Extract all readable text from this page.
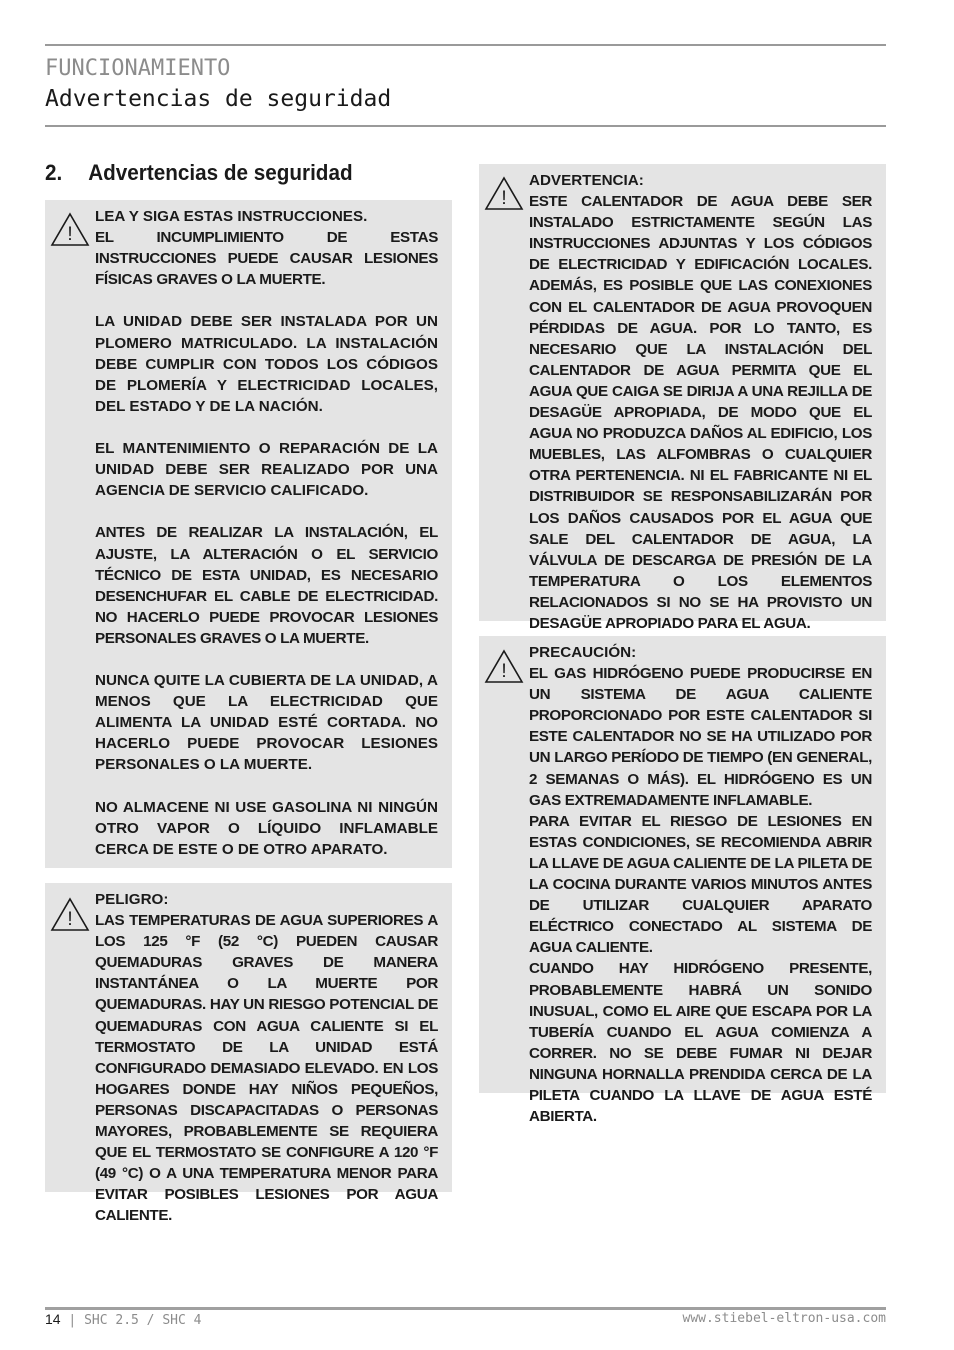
FUNCIONAMIENTO
Advertencias de seguridad
2. Advertencias de seguridad
!

LEA Y SIGA ESTAS INSTRUCCIONES.
EL INCUMPLIMIENTO DE ESTAS INSTRUCCIONES PUEDE CAUSAR LESIONES FÍSICAS GRAVES O LA MUERTE.

LA UNIDAD DEBE SER INSTALADA POR UN PLOMERO MATRICULADO. LA INSTALACIÓN DEBE CUMPLIR CON TODOS LOS CÓDIGOS DE PLOMERÍA Y ELECTRICIDAD LOCALES, DEL ESTADO Y DE LA NACIÓN.

EL MANTENIMIENTO O REPARACIÓN DE LA UNIDAD DEBE SER REALIZADO POR UNA AGENCIA DE SERVICIO CALIFICADO.

ANTES DE REALIZAR LA INSTALACIÓN, EL AJUSTE, LA ALTERACIÓN O EL SERVICIO TÉCNICO DE ESTA UNIDAD, ES NECESARIO DESENCHUFAR EL CABLE DE ELECTRICIDAD. NO HACERLO PUEDE PROVOCAR LESIONES PERSONALES GRAVES O LA MUERTE.

NUNCA QUITE LA CUBIERTA DE LA UNIDAD, A MENOS QUE LA ELECTRICIDAD QUE ALIMENTA LA UNIDAD ESTÉ CORTADA. NO HACERLO PUEDE PROVOCAR LESIONES PERSONALES O LA MUERTE.

NO ALMACENE NI USE GASOLINA NI NINGÚN OTRO VAPOR O LÍQUIDO INFLAMABLE CERCA DE ESTE O DE OTRO APARATO.

!

PELIGRO:

LAS TEMPERATURAS DE AGUA SUPERIORES A LOS 125 °F (52 °C) PUEDEN CAUSAR QUEMADURAS GRAVES DE MANERA INSTANTÁNEA O LA MUERTE POR QUEMADURAS. HAY UN RIESGO POTENCIAL DE QUEMADURAS CON AGUA CALIENTE SI EL TERMOSTATO DE LA UNIDAD ESTÁ CONFIGURADO DEMASIADO ELEVADO. EN LOS HOGARES DONDE HAY NIÑOS PEQUEÑOS, PERSONAS DISCAPACITADAS O PERSONAS MAYORES, PROBABLEMENTE SE REQUIERA QUE EL TERMOSTATO SE CONFIGURE A 120 °F (49 °C) O A UNA TEMPERATURA MENOR PARA EVITAR POSIBLES LESIONES POR AGUA CALIENTE.

!

ADVERTENCIA:

ESTE CALENTADOR DE AGUA DEBE SER INSTALADO ESTRICTAMENTE SEGÚN LAS INSTRUCCIONES ADJUNTAS Y LOS CÓDIGOS DE ELECTRICIDAD Y EDIFICACIÓN LOCALES. ADEMÁS, ES POSIBLE QUE LAS CONEXIONES CON EL CALENTADOR DE AGUA PROVOQUEN PÉRDIDAS DE AGUA. POR LO TANTO, ES NECESARIO QUE LA INSTALACIÓN DEL CALENTADOR DE AGUA PERMITA QUE EL AGUA QUE CAIGA SE DIRIJA A UNA REJILLA DE DESAGÜE APROPIADA, DE MODO QUE EL AGUA NO PRODUZCA DAÑOS AL EDIFICIO, LOS MUEBLES, LAS ALFOMBRAS O CUALQUIER OTRA PERTENENCIA. NI EL FABRICANTE NI EL DISTRIBUIDOR SE RESPONSABILIZARÁN POR LOS DAÑOS CAUSADOS POR EL AGUA QUE SALE DEL CALENTADOR DE AGUA, LA VÁLVULA DE DESCARGA DE PRESIÓN DE LA TEMPERATURA O LOS ELEMENTOS RELACIONADOS SI NO SE HA PROVISTO UN DESAGÜE APROPIADO PARA EL AGUA.

!

PRECAUCIÓN:

EL GAS HIDRÓGENO PUEDE PRODUCIRSE EN UN SISTEMA DE AGUA CALIENTE PROPORCIONADO POR ESTE CALENTADOR SI ESTE CALENTADOR NO SE HA UTILIZADO POR UN LARGO PERÍODO DE TIEMPO (EN GENERAL, 2 SEMANAS O MÁS). EL HIDRÓGENO ES UN GAS EXTREMADAMENTE INFLAMABLE.

PARA EVITAR EL RIESGO DE LESIONES EN ESTAS CONDICIONES, SE RECOMIENDA ABRIR LA LLAVE DE AGUA CALIENTE DE LA PILETA DE LA COCINA DURANTE VARIOS MINUTOS ANTES DE UTILIZAR CUALQUIER APARATO ELÉCTRICO CONECTADO AL SISTEMA DE AGUA CALIENTE.

CUANDO HAY HIDRÓGENO PRESENTE, PROBABLEMENTE HABRÁ UN SONIDO INUSUAL, COMO EL AIRE QUE ESCAPA POR LA TUBERÍA CUANDO EL AGUA COMIENZA A CORRER. NO SE DEBE FUMAR NI DEJAR NINGUNA HORNALLA PRENDIDA CERCA DE LA PILETA CUANDO LA LLAVE DE AGUA ESTÉ ABIERTA.

14 | SHC 2.5 / SHC 4	www.stiebel-eltron-usa.com
